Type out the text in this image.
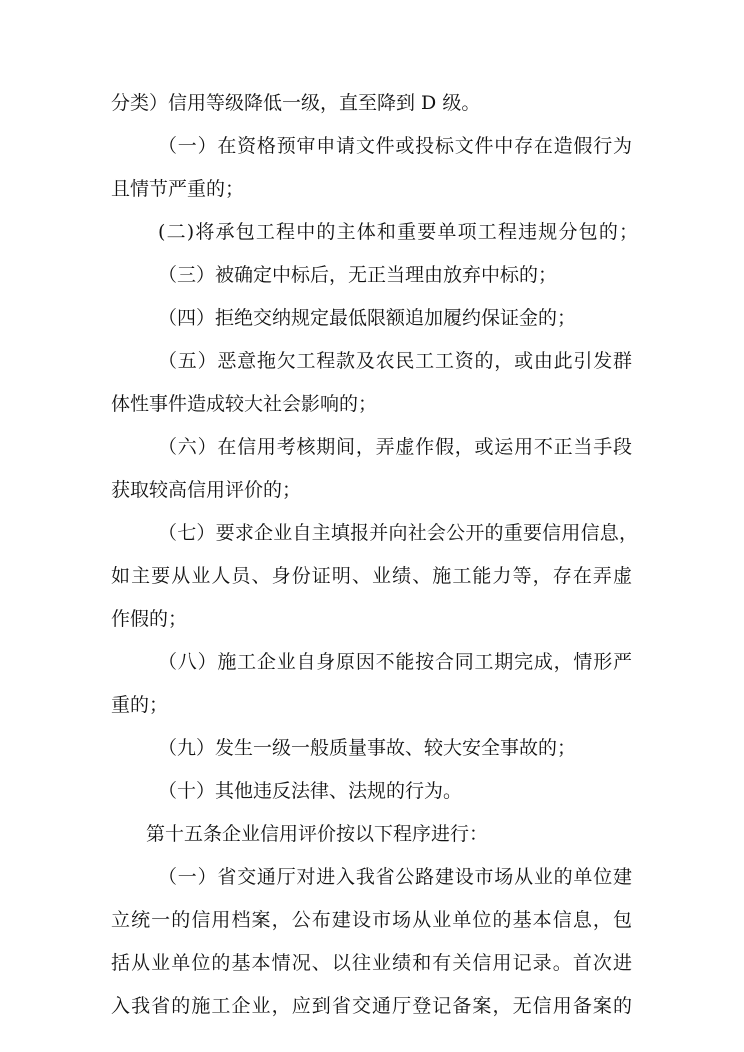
分类）信用等级降低一级，直至降到 D 级。

（一）在资格预审申请文件或投标文件中存在造假行为

且情节严重的；

(二)将承包工程中的主体和重要单项工程违规分包的；

（三）被确定中标后，无正当理由放弃中标的；

（四）拒绝交纳规定最低限额追加履约保证金的；

（五）恶意拖欠工程款及农民工工资的，或由此引发群

体性事件造成较大社会影响的；

（六）在信用考核期间，弄虚作假，或运用不正当手段

获取较高信用评价的；

（七）要求企业自主填报并向社会公开的重要信用信息，

如主要从业人员、身份证明、业绩、施工能力等，存在弄虚

作假的；

（八）施工企业自身原因不能按合同工期完成，情形严

重的；

（九）发生一级一般质量事故、较大安全事故的；

（十）其他违反法律、法规的行为。

第十五条企业信用评价按以下程序进行：

（一）省交通厅对进入我省公路建设市场从业的单位建

立统一的信用档案，公布建设市场从业单位的基本信息，包

括从业单位的基本情况、以往业绩和有关信用记录。首次进

入我省的施工企业，应到省交通厅登记备案，无信用备案的
